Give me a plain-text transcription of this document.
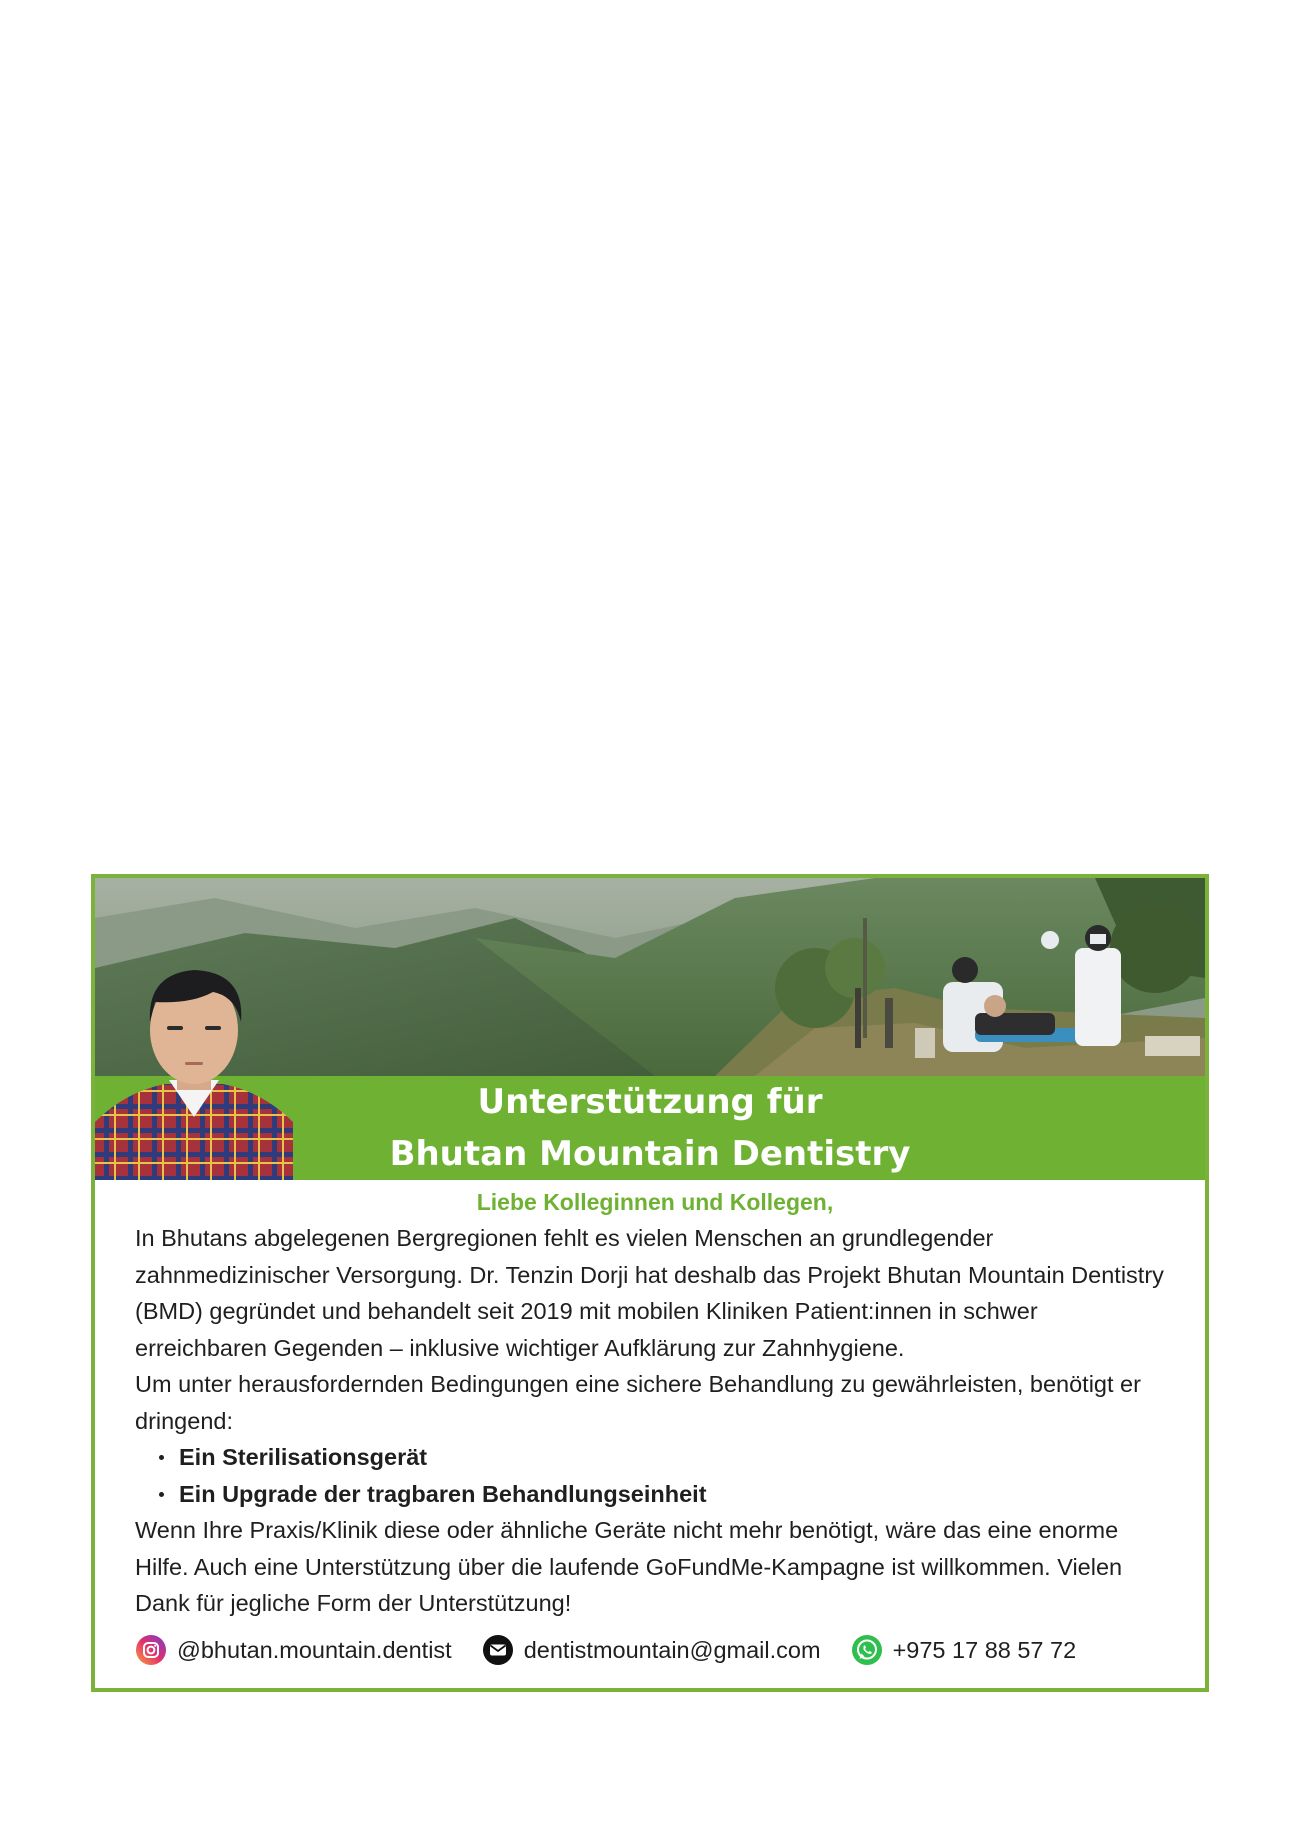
Unterstützung für
Bhutan Mountain Dentistry

Liebe Kolleginnen und Kollegen,

In Bhutans abgelegenen Bergregionen fehlt es vielen Menschen an grundlegender zahnmedizinischer Versorgung. Dr. Tenzin Dorji hat deshalb das Projekt Bhutan Mountain Dentistry (BMD) gegründet und behandelt seit 2019 mit mobilen Kliniken Patient:innen in schwer erreichbaren Gegenden – inklusive wichtiger Aufklärung zur Zahnhygiene.

Um unter herausfordernden Bedingungen eine sichere Behandlung zu gewährleisten, benötigt er dringend:

Ein Sterilisationsgerät
Ein Upgrade der tragbaren Behandlungseinheit

Wenn Ihre Praxis/Klinik diese oder ähnliche Geräte nicht mehr benötigt, wäre das eine enorme Hilfe. Auch eine Unterstützung über die laufende GoFundMe-Kampagne ist willkommen. Vielen Dank für jegliche Form der Unterstützung!

@bhutan.mountain.dentist	dentistmountain@gmail.com	+975 17 88 57 72
